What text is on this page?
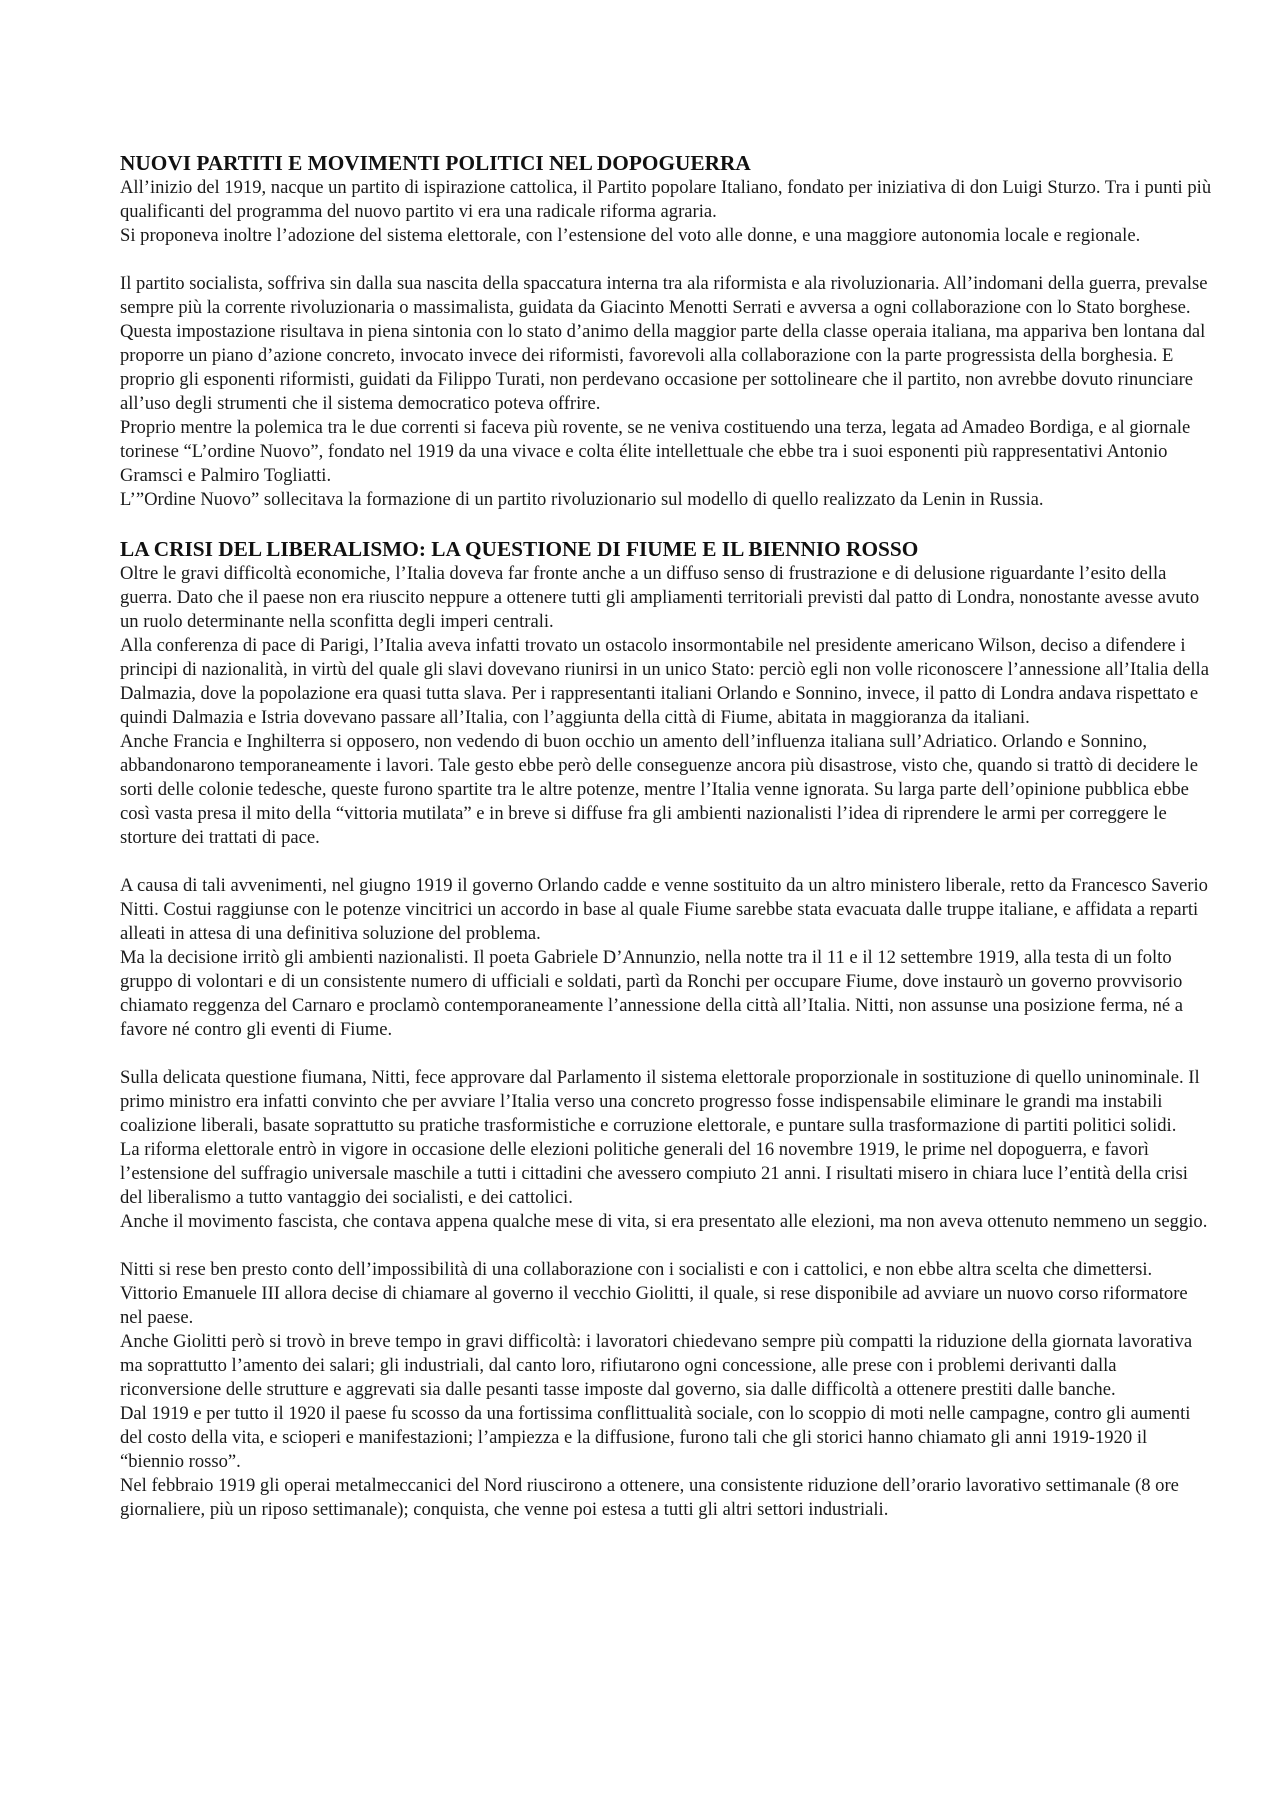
NUOVI PARTITI E MOVIMENTI POLITICI NEL DOPOGUERRA

All’inizio del 1919, nacque un partito di ispirazione cattolica, il Partito popolare Italiano, fondato per iniziativa di don Luigi Sturzo. Tra i punti più qualificanti del programma del nuovo partito vi era una radicale riforma agraria.

Si proponeva inoltre l’adozione del sistema elettorale, con l’estensione del voto alle donne, e una maggiore autonomia locale e regionale.

Il partito socialista, soffriva sin dalla sua nascita della spaccatura interna tra ala riformista e ala rivoluzionaria. All’indomani della guerra, prevalse sempre più la corrente rivoluzionaria o massimalista, guidata da Giacinto Menotti Serrati e avversa a ogni collaborazione con lo Stato borghese. Questa impostazione risultava in piena sintonia con lo stato d’animo della maggior parte della classe operaia italiana, ma appariva ben lontana dal proporre un piano d’azione concreto, invocato invece dei riformisti, favorevoli alla collaborazione con la parte progressista della borghesia. E proprio gli esponenti riformisti, guidati da Filippo Turati, non perdevano occasione per sottolineare che il partito, non avrebbe dovuto rinunciare all’uso degli strumenti che il sistema democratico poteva offrire.

Proprio mentre la polemica tra le due correnti si faceva più rovente, se ne veniva costituendo una terza, legata ad Amadeo Bordiga, e al giornale torinese “L’ordine Nuovo”, fondato nel 1919 da una vivace e colta élite intellettuale che ebbe tra i suoi esponenti più rappresentativi Antonio Gramsci e Palmiro Togliatti.

L’”Ordine Nuovo” sollecitava la formazione di un partito rivoluzionario sul modello di quello realizzato da Lenin in Russia.

LA CRISI DEL LIBERALISMO: LA QUESTIONE DI FIUME E IL BIENNIO ROSSO

Oltre le gravi difficoltà economiche, l’Italia doveva far fronte anche a un diffuso senso di frustrazione e di delusione riguardante l’esito della guerra. Dato che il paese non era riuscito neppure a ottenere tutti gli ampliamenti territoriali previsti dal patto di Londra, nonostante avesse avuto un ruolo determinante nella sconfitta degli imperi centrali.

Alla conferenza di pace di Parigi, l’Italia aveva infatti trovato un ostacolo insormontabile nel presidente americano Wilson, deciso a difendere i principi di nazionalità, in virtù del quale gli slavi dovevano riunirsi in un unico Stato: perciò egli non volle riconoscere l’annessione all’Italia della Dalmazia, dove la popolazione era quasi tutta slava. Per i rappresentanti italiani Orlando e Sonnino, invece, il patto di Londra andava rispettato e quindi Dalmazia e Istria dovevano passare all’Italia, con l’aggiunta della città di Fiume, abitata in maggioranza da italiani.

Anche Francia e Inghilterra si opposero, non vedendo di buon occhio un amento dell’influenza italiana sull’Adriatico. Orlando e Sonnino, abbandonarono temporaneamente i lavori. Tale gesto ebbe però delle conseguenze ancora più disastrose, visto che, quando si trattò di decidere le sorti delle colonie tedesche, queste furono spartite tra le altre potenze, mentre l’Italia venne ignorata. Su larga parte dell’opinione pubblica ebbe così vasta presa il mito della “vittoria mutilata” e in breve si diffuse fra gli ambienti nazionalisti l’idea di riprendere le armi per correggere le storture dei trattati di pace.

A causa di tali avvenimenti, nel giugno 1919 il governo Orlando cadde e venne sostituito da un altro ministero liberale, retto da Francesco Saverio Nitti. Costui raggiunse con le potenze vincitrici un accordo in base al quale Fiume sarebbe stata evacuata dalle truppe italiane, e affidata a reparti alleati in attesa di una definitiva soluzione del problema.

Ma la decisione irritò gli ambienti nazionalisti. Il poeta Gabriele D’Annunzio, nella notte tra il 11 e il 12 settembre 1919, alla testa di un folto gruppo di volontari e di un consistente numero di ufficiali e soldati, partì da Ronchi per occupare Fiume, dove instaurò un governo provvisorio chiamato reggenza del Carnaro e proclamò contemporaneamente l’annessione della città all’Italia. Nitti, non assunse una posizione ferma, né a favore né contro gli eventi di Fiume.

Sulla delicata questione fiumana, Nitti, fece approvare dal Parlamento il sistema elettorale proporzionale in sostituzione di quello uninominale. Il primo ministro era infatti convinto che per avviare l’Italia verso una concreto progresso fosse indispensabile eliminare le grandi ma instabili coalizione liberali, basate soprattutto su pratiche trasformistiche e corruzione elettorale, e puntare sulla trasformazione di partiti politici solidi.

La riforma elettorale entrò in vigore in occasione delle elezioni politiche generali del 16 novembre 1919, le prime nel dopoguerra, e favorì l’estensione del suffragio universale maschile a tutti i cittadini che avessero compiuto 21 anni. I risultati misero in chiara luce l’entità della crisi del liberalismo a tutto vantaggio dei socialisti, e dei cattolici.

Anche il movimento fascista, che contava appena qualche mese di vita, si era presentato alle elezioni, ma non aveva ottenuto nemmeno un seggio.

Nitti si rese ben presto conto dell’impossibilità di una collaborazione con i socialisti e con i cattolici, e non ebbe altra scelta che dimettersi.

Vittorio Emanuele III allora decise di chiamare al governo il vecchio Giolitti, il quale, si rese disponibile ad avviare un nuovo corso riformatore nel paese.

Anche Giolitti però si trovò in breve tempo in gravi difficoltà: i lavoratori chiedevano sempre più compatti la riduzione della giornata lavorativa ma soprattutto l’amento dei salari; gli industriali, dal canto loro, rifiutarono ogni concessione, alle prese con i problemi derivanti dalla riconversione delle strutture e aggrevati sia dalle pesanti tasse imposte dal governo, sia dalle difficoltà a ottenere prestiti dalle banche.

Dal 1919 e per tutto il 1920 il paese fu scosso da una fortissima conflittualità sociale, con lo scoppio di moti nelle campagne, contro gli aumenti del costo della vita, e scioperi e manifestazioni; l’ampiezza e la diffusione, furono tali che gli storici hanno chiamato gli anni 1919-1920 il “biennio rosso”.

Nel febbraio 1919 gli operai metalmeccanici del Nord riuscirono a ottenere, una consistente riduzione dell’orario lavorativo settimanale (8 ore giornaliere, più un riposo settimanale); conquista, che venne poi estesa a tutti gli altri settori industriali.
